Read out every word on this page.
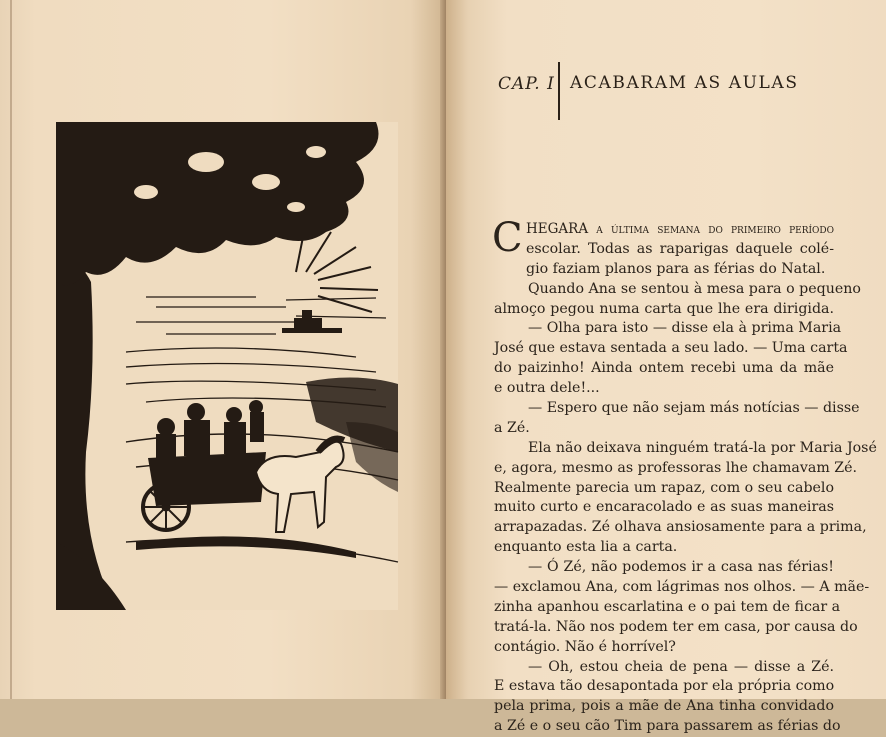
CAP. I ACABARAM AS AULAS
C HEGARA a última semana do primeiro período
escolar. Todas as raparigas daquele colé-
gio faziam planos para as férias do Natal.
Quando Ana se sentou à mesa para o pequeno
almoço pegou numa carta que lhe era dirigida.
— Olha para isto — disse ela à prima Maria
José que estava sentada a seu lado. — Uma carta
do paizinho! Ainda ontem recebi uma da mãe
e outra dele!...
— Espero que não sejam más notícias — disse
a Zé.
Ela não deixava ninguém tratá-la por Maria José
e, agora, mesmo as professoras lhe chamavam Zé.
Realmente parecia um rapaz, com o seu cabelo
muito curto e encaracolado e as suas maneiras
arrapazadas. Zé olhava ansiosamente para a prima,
enquanto esta lia a carta.
— Ó Zé, não podemos ir a casa nas férias!
— exclamou Ana, com lágrimas nos olhos. — A mãe-
zinha apanhou escarlatina e o pai tem de ficar a
tratá-la. Não nos podem ter em casa, por causa do
contágio. Não é horrível?
— Oh, estou cheia de pena — disse a Zé.
E estava tão desapontada por ela própria como
pela prima, pois a mãe de Ana tinha convidado
a Zé e o seu cão Tim para passarem as férias do
